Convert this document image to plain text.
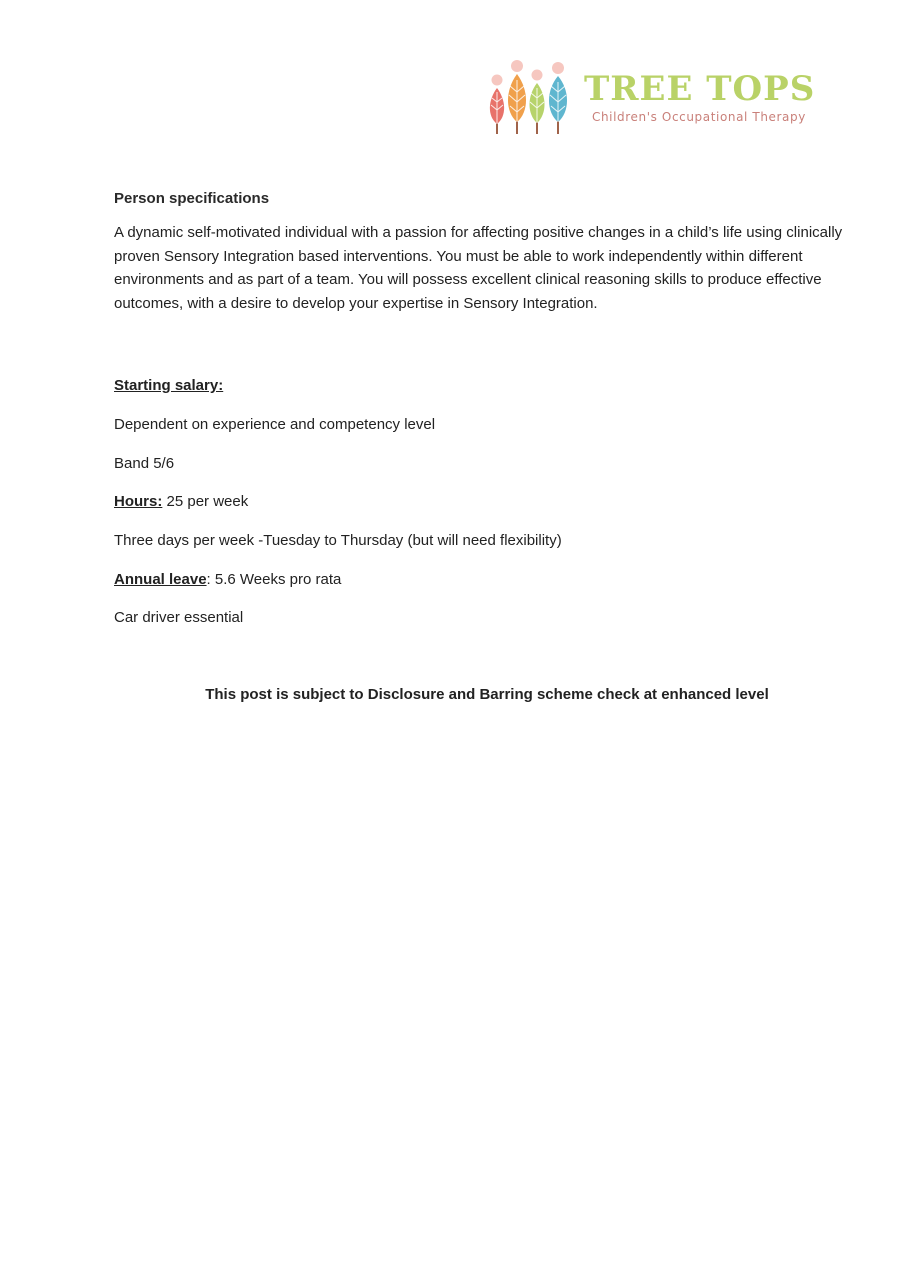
TREE TOPS
Children's Occupational Therapy

Person specifications

A dynamic self-motivated individual with a passion for affecting positive changes in a child’s life using clinically proven Sensory Integration based interventions. You must be able to work independently within different environments and as part of a team. You will possess excellent clinical reasoning skills to produce effective outcomes, with a desire to develop your expertise in Sensory Integration.

Starting salary:

Dependent on experience and competency level

Band 5/6

Hours: 25 per week

Three days per week -Tuesday to Thursday (but will need flexibility)

Annual leave: 5.6 Weeks pro rata

Car driver essential

This post is subject to Disclosure and Barring scheme check at enhanced level
